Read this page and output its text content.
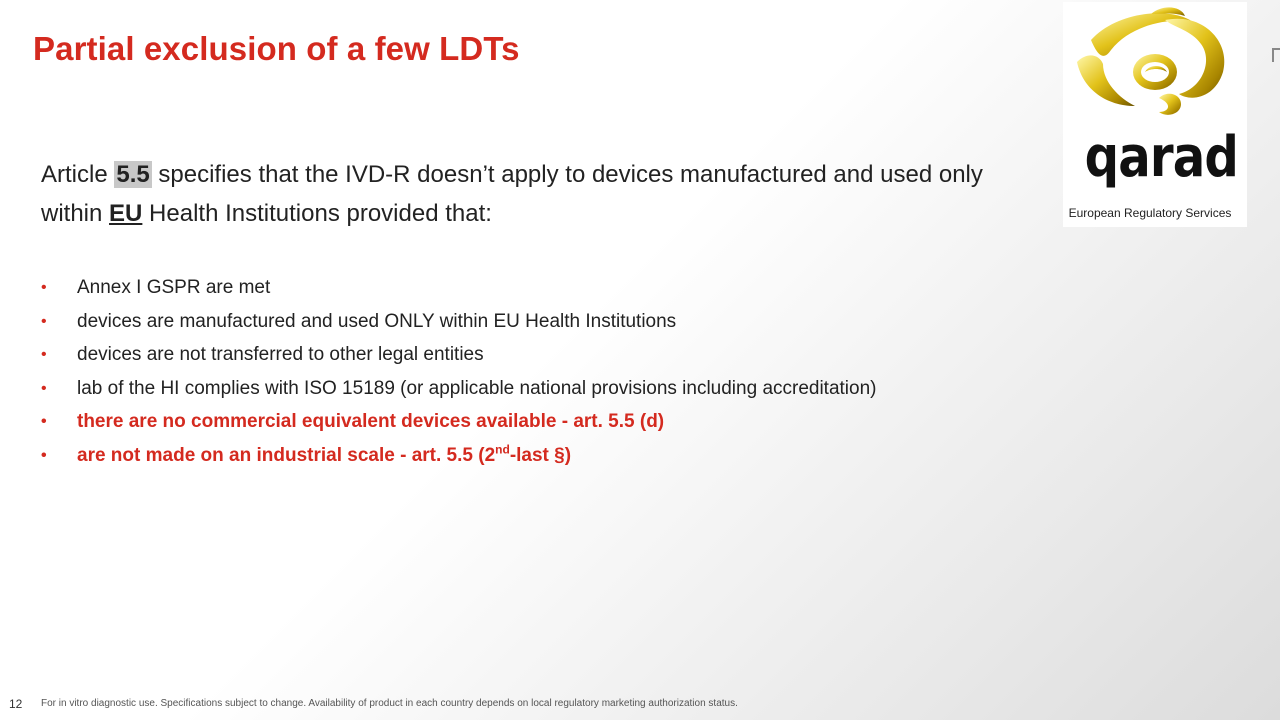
Partial exclusion of a few LDTs
qarad
European Regulatory Services
Article 5.5 specifies that the IVD-R doesn’t apply to devices manufactured and used only within EU Health Institutions provided that:
• Annex I GSPR are met
• devices are manufactured and used ONLY within EU Health Institutions
• devices are not transferred to other legal entities
• lab of the HI complies with ISO 15189 (or applicable national provisions including accreditation)
• there are no commercial equivalent devices available - art. 5.5 (d)
• are not made on an industrial scale - art. 5.5 (2nd-last §)
12 For in vitro diagnostic use. Specifications subject to change. Availability of product in each country depends on local regulatory marketing authorization status.
